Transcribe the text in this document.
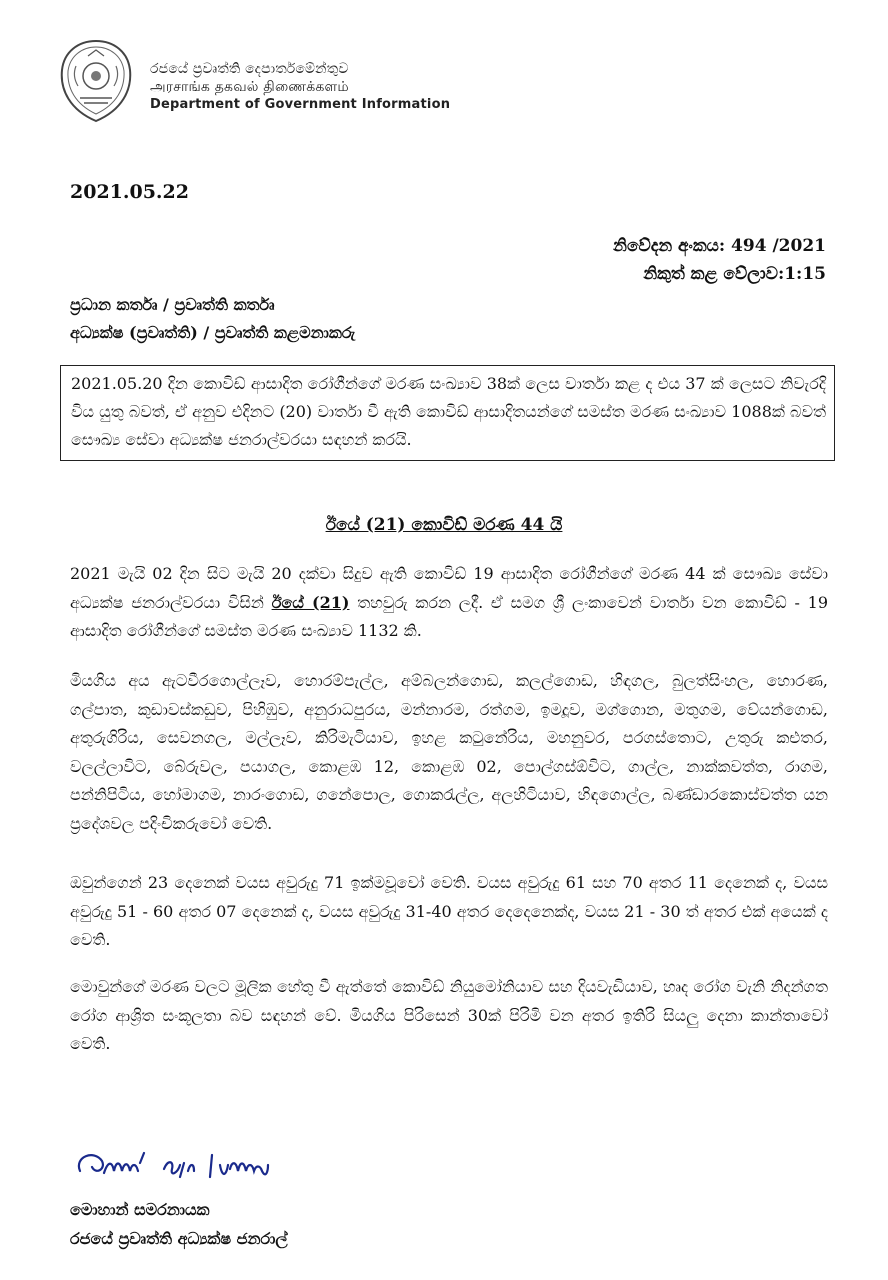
රජයේ ප්‍රවෘත්ති දෙපාර්තමේන්තුව
அரசாங்க தகவல் திணைக்களம்
Department of Government Information
2021.05.22
නිවේදන අංකය: 494 /2021
නිකුත් කළ වේලාව:1:15
ප්‍රධාන කර්තෘ / ප්‍රවෘත්ති කර්තෘ
අධ්‍යක්ෂ (ප්‍රවෘත්ති) / ප්‍රවෘත්ති කළමනාකරු
2021.05.20 දින කොවිඩ් ආසාදිත රෝගීන්ගේ මරණ සංඛ්‍යාව 38ක් ලෙස වාර්තා කළ ද එය 37 ක් ලෙසට නිවැරදි විය යුතු බවත්, ඒ අනුව එදිනට (20) වාර්තා වී ඇති කොවිඩ් ආසාදිතයන්ගේ සමස්ත මරණ සංඛ්‍යාව 1088ක් බවත් සෞඛ්‍ය සේවා අධ්‍යක්ෂ ජනරාල්වරයා සඳහන් කරයි.
ඊයේ (21) කොවිඩ් මරණ 44 යි
2021 මැයි 02 දින සිට මැයි 20 දක්වා සිදුව ඇති කොවිඩ් 19 ආසාදිත රෝගීන්ගේ මරණ 44 ක් සෞඛ්‍ය සේවා අධ්‍යක්ෂ ජනරාල්වරයා විසින් ඊයේ (21) තහවුරු කරන ලදී. ඒ සමග ශ්‍රී ලංකාවෙන් වාර්තා වන කොවිඩ් - 19 ආසාදිත රෝගීන්ගේ සමස්ත මරණ සංඛ්‍යාව 1132 කි.
මියගිය අය ඇටවීරගොල්ලෑව, හොරම්පැල්ල, අම්බලන්ගොඩ, කලල්ගොඩ, හිඳගල, බුලත්සිංහල, හොරණ, ගල්පාත, කුඩාවස්කඩුව, පිහිඹුව, අනුරාධපුරය, මන්නාරම, රත්ගම, ඉමදූව, මග්ගොන, මතුගම, වේයන්ගොඩ, අතුරුගිරිය, සෙවනගල, මල්ලෑව, කිරිමැටියාව, ඉහළ කටුනේරිය, මහනුවර, පරගස්තොට, උතුරු කළුතර, වලල්ලාවිට, බේරුවල, පයාගල, කොළඹ 12, කොළඹ 02, පොල්ගස්ඕවිට, ගාල්ල, නාක්කවත්ත, රාගම, පන්නිපිටිය, හෝමාගම, නාරංගොඩ, ගනේපොල, ගොකරැල්ල, අලහිටියාව, හිඳගොල්ල, බණ්ඩාරකොස්වත්ත යන ප්‍රදේශවල පදිංචිකරුවෝ වෙති.
ඔවුන්ගෙන් 23 දෙනෙක් වයස අවුරුදු 71 ඉක්මවූවෝ වෙති. වයස අවුරුදු 61 සහ 70 අතර 11 දෙනෙක් ද, වයස අවුරුදු 51 - 60 අතර 07 දෙනෙක් ද, වයස අවුරුදු 31-40 අතර දෙදෙනෙක්ද, වයස 21 - 30 ත් අතර එක් අයෙක් ද වෙති.
මොවුන්ගේ මරණ වලට මූලික හේතු වී ඇත්තේ කොවිඩ් නියුමෝනියාව සහ දියවැඩියාව, හෘද රෝග වැනි නිදන්ගත රෝග ආශ්‍රිත සංකූලතා බව සඳහන් වේ. මියගිය පිරිසෙන් 30ක් පිරිමි වන අතර ඉතිරි සියලු දෙනා කාන්තාවෝ වෙති.
මොහාන් සමරනායක
රජයේ ප්‍රවෘත්ති අධ්‍යක්ෂ ජනරාල්
